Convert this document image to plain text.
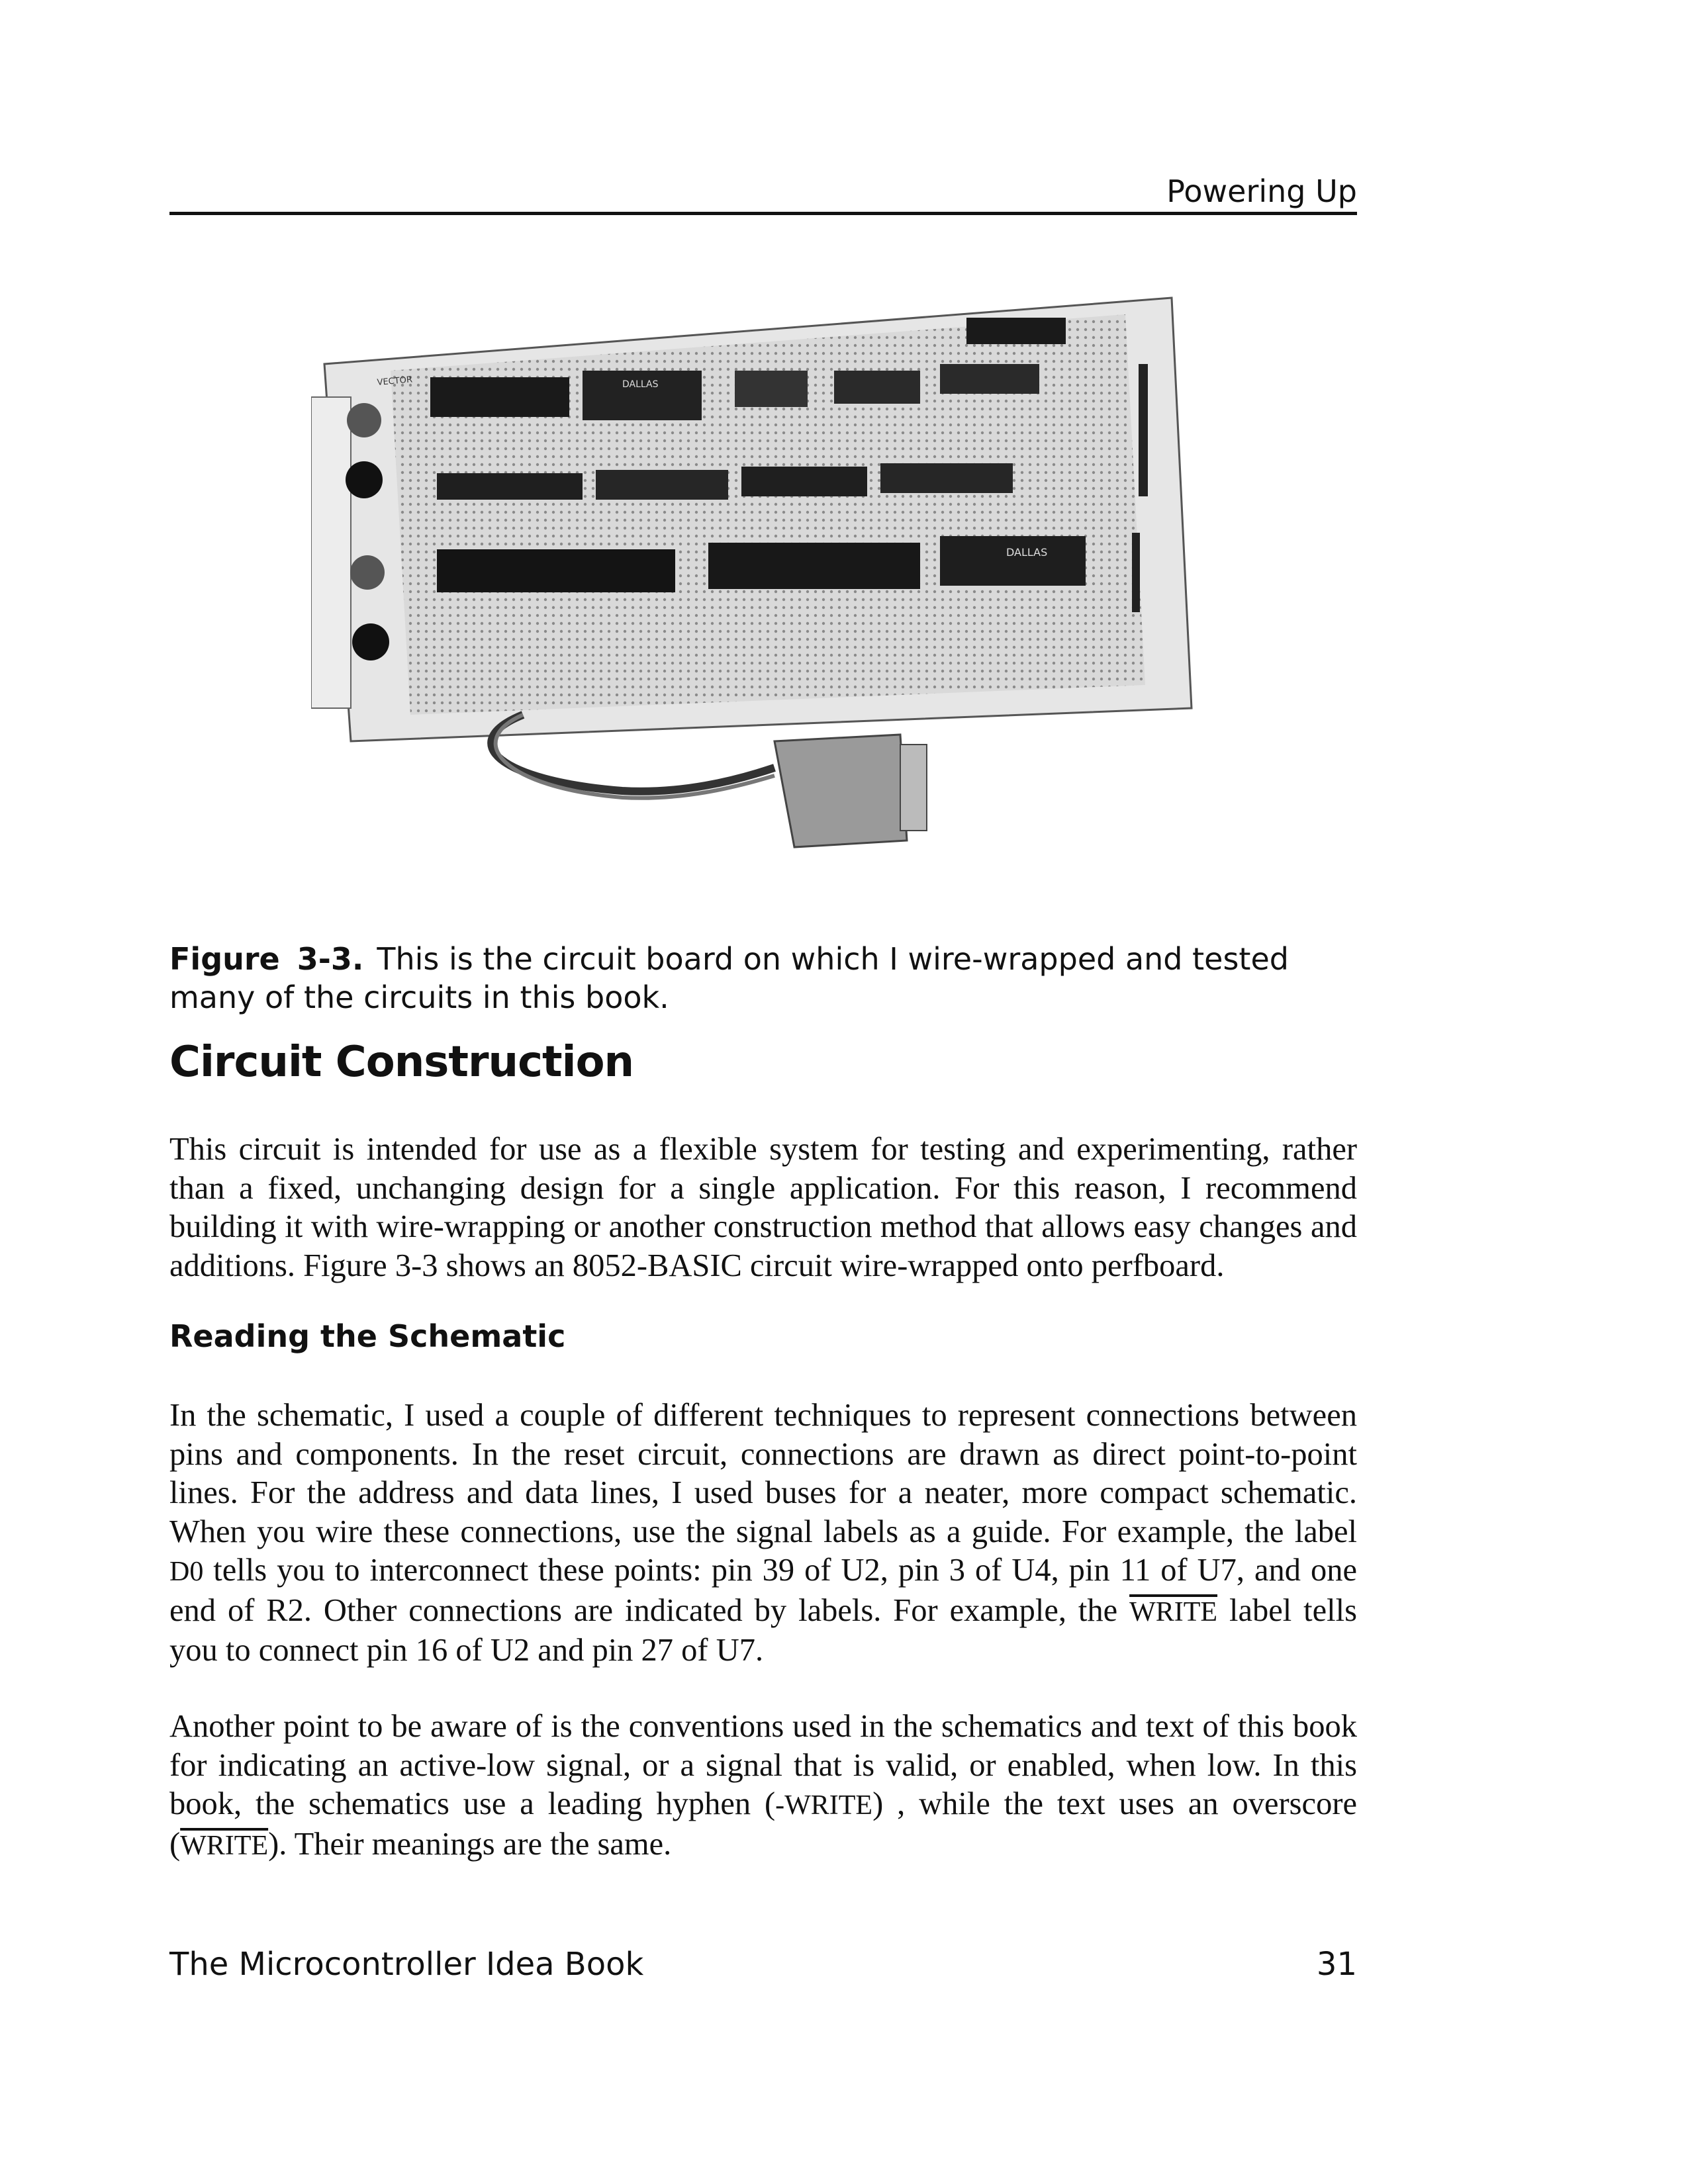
Powering Up
DALLAS
DALLAS
VECTOR
Figure 3-3. This is the circuit board on which I wire-wrapped and tested many of the circuits in this book.
Circuit Construction

This circuit is intended for use as a flexible system for testing and experimenting, rather than a fixed, unchanging design for a single application. For this reason, I recommend building it with wire-wrapping or another construction method that allows easy changes and additions. Figure 3-3 shows an 8052-BASIC circuit wire-wrapped onto perfboard.

Reading the Schematic

In the schematic, I used a couple of different techniques to represent connections between pins and components. In the reset circuit, connections are drawn as direct point-to-point lines. For the address and data lines, I used buses for a neater, more compact schematic. When you wire these connections, use the signal labels as a guide. For example, the label D0 tells you to interconnect these points: pin 39 of U2, pin 3 of U4, pin 11 of U7, and one end of R2. Other connections are indicated by labels. For example, the WRITE label tells you to connect pin 16 of U2 and pin 27 of U7.

Another point to be aware of is the conventions used in the schematics and text of this book for indicating an active-low signal, or a signal that is valid, or enabled, when low. In this book, the schematics use a leading hyphen (-WRITE) , while the text uses an overscore (WRITE). Their meanings are the same.

The Microcontroller Idea Book	31
